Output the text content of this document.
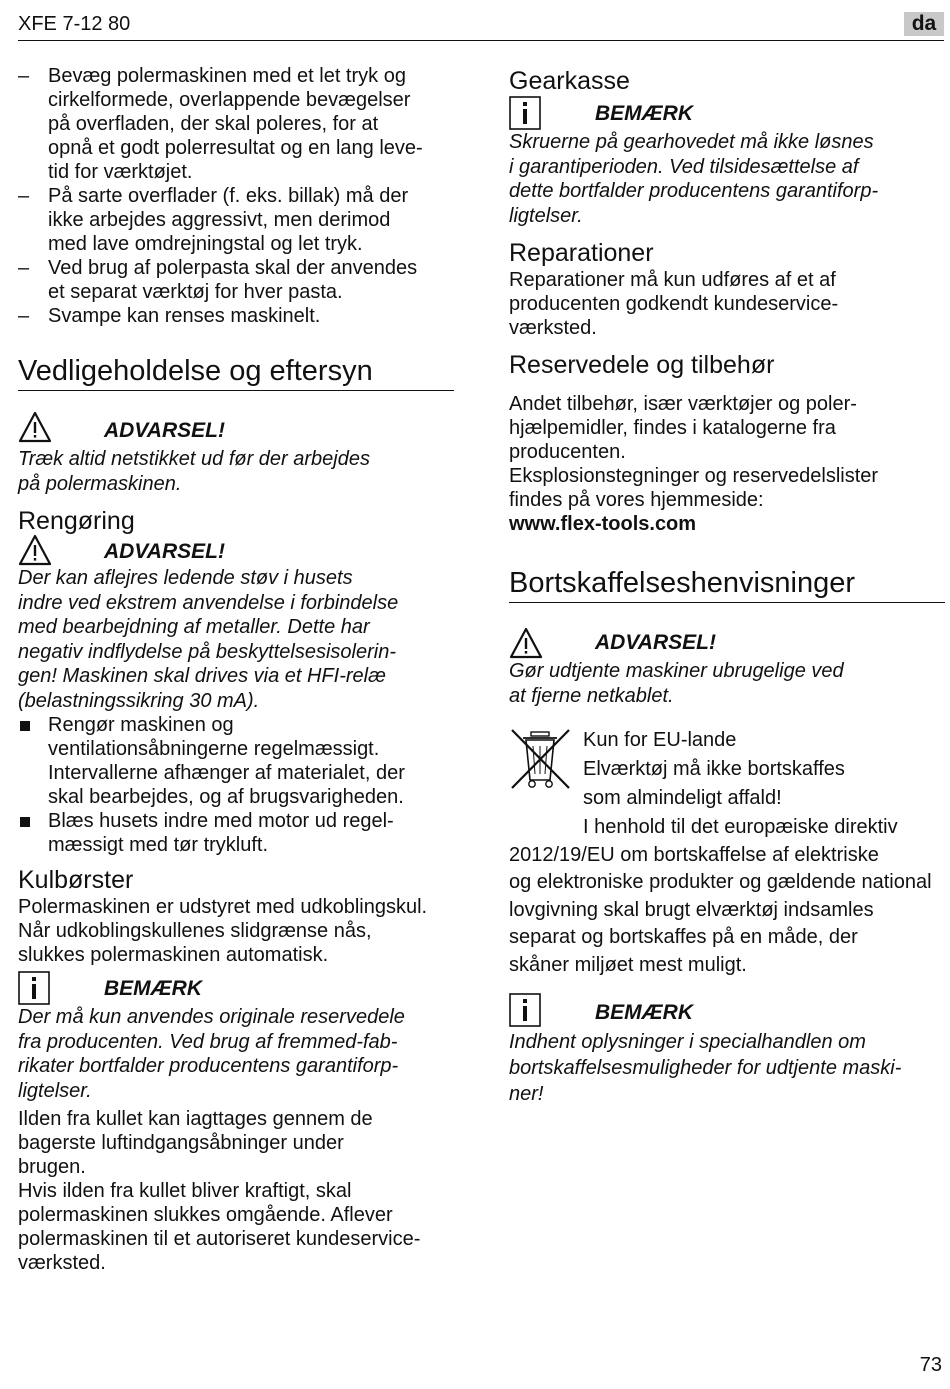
XFE 7-12 80	da
– Bevæg polermaskinen med et let tryk og
cirkelformede, overlappende bevægelser
på overfladen, der skal poleres, for at
opnå et godt polerresultat og en lang leve-
tid for værktøjet.
– På sarte overflader (f. eks. billak) må der
ikke arbejdes aggressivt, men derimod
med lave omdrejningstal og let tryk.
– Ved brug af polerpasta skal der anvendes
et separat værktøj for hver pasta.
– Svampe kan renses maskinelt.
Vedligeholdelse og eftersyn
ADVARSEL!

Træk altid netstikket ud før der arbejdes
på polermaskinen.

Rengøring
ADVARSEL!

Der kan aflejres ledende støv i husets
indre ved ekstrem anvendelse i forbindelse
med bearbejdning af metaller. Dette har
negativ indflydelse på beskyttelsesisolerin-
gen! Maskinen skal drives via et HFI-relæ
(belastningssikring 30 mA).

Rengør maskinen og
ventilationsåbningerne regelmæssigt.
Intervallerne afhænger af materialet, der
skal bearbejdes, og af brugsvarigheden.
Blæs husets indre med motor ud regel-
mæssigt med tør trykluft.
Kulbørster

Polermaskinen er udstyret med udkoblingskul.
Når udkoblingskullenes slidgrænse nås,
slukkes polermaskinen automatisk.

BEMÆRK

Der må kun anvendes originale reservedele
fra producenten. Ved brug af fremmed-fab-
rikater bortfalder producentens garantiforp-
ligtelser.

Ilden fra kullet kan iagttages gennem de
bagerste luftindgangsåbninger under
brugen.
Hvis ilden fra kullet bliver kraftigt, skal
polermaskinen slukkes omgående. Aflever
polermaskinen til et autoriseret kundeservice-
værksted.

Gearkasse
BEMÆRK

Skruerne på gearhovedet må ikke løsnes
i garantiperioden. Ved tilsidesættelse af
dette bortfalder producentens garantiforp-
ligtelser.

Reparationer

Reparationer må kun udføres af et af
producenten godkendt kundeservice-
værksted.

Reservedele og tilbehør

Andet tilbehør, især værktøjer og poler-
hjælpemidler, findes i katalogerne fra
producenten.
Eksplosionstegninger og reservedelslister
findes på vores hjemmeside:
www.flex-tools.com

Bortskaffelseshenvisninger
ADVARSEL!

Gør udtjente maskiner ubrugelige ved
at fjerne netkablet.

Kun for EU-lande
Elværktøj må ikke bortskaffes
som almindeligt affald!

I henhold til det europæiske direktiv
2012/19/EU om bortskaffelse af elektriske
og elektroniske produkter og gældende national
lovgivning skal brugt elværktøj indsamles
separat og bortskaffes på en måde, der
skåner miljøet mest muligt.

BEMÆRK

Indhent oplysninger i specialhandlen om
bortskaffelsesmuligheder for udtjente maski-
ner!

73
